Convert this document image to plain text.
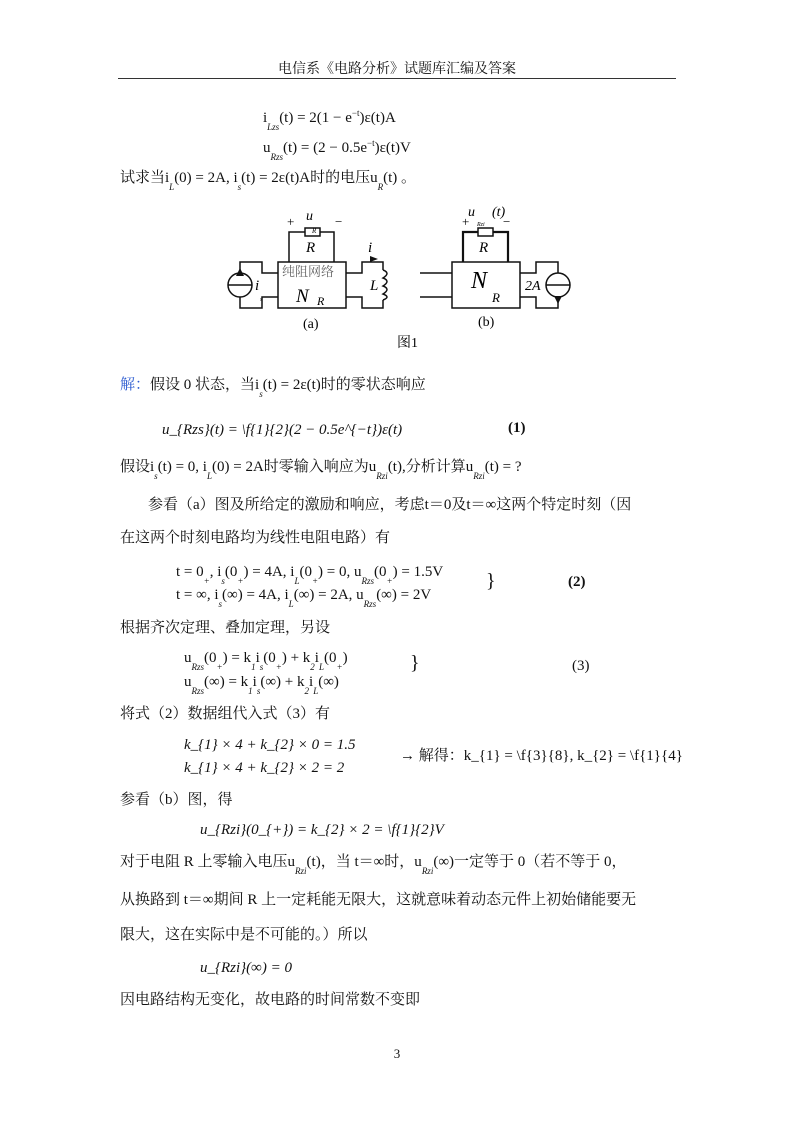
电信系《电路分析》试题库汇编及答案
$i_{Lzs}(t) = 2(1 - e^{-t})\varepsilon(t)A$
$u_{Rzs}(t) = (2 - 0.5e^{-t})\varepsilon(t)V$
试求当$i_L(0) = 2A$, $i_s(t) = 2\varepsilon(t)A$时的电压$u_R(t)$ 。
+	−
u
R
R	i
纯阻网络
N R
i
s
L
(a)
+	−
u
Rzi
(t)
R
N
R
2A
(b)
图1
解：假设 0 状态，当$i_s(t) = 2\varepsilon(t)$时的零状态响应
u_{Rzs}(t) = \f{1}{2}(2 − 0.5e^{−t})ε(t)	(1)
假设$i_s(t) = 0$, $i_L(0) = 2A$时零输入响应为$u_{Rzi}(t)$,分析计算$u_{Rzi}(t)$ = ?
参看（a）图及所给定的激励和响应，考虑t＝0及t＝∞这两个特定时刻（因
在这两个时刻电路均为线性电阻电路）有
$t = 0_+$, $i_s(0_+) = 4A$, $i_L(0_+) = 0$, $u_{Rzs}(0_+) = 1.5V$
t = ∞, $i_s(\infty) = 4A$, $i_L(\infty) = 2A$, $u_{Rzs}(\infty) = 2V$
}	(2)
根据齐次定理、叠加定理，另设
$u_{Rzs}(0_+) = k_1i_s(0_+) + k_2i_L(0_+)$
$u_{Rzs}(\infty) = k_1i_s(\infty) + k_2i_L(\infty)$
}	(3)
将式（2）数据组代入式（3）有
k_{1} × 4 + k_{2} × 0 = 1.5
k_{1} × 4 + k_{2} × 2 = 2
→ 解得：k_{1} = \f{3}{8}, k_{2} = \f{1}{4}
参看（b）图，得
u_{Rzi}(0_{+}) = k_{2} × 2 = \f{1}{2}V
对于电阻 R 上零输入电压$u_{Rzi}(t)$，当 t＝∞时，$u_{Rzi}(\infty)$一定等于 0（若不等于 0，
从换路到 t＝∞期间 R 上一定耗能无限大，这就意味着动态元件上初始储能要无
限大，这在实际中是不可能的。）所以
u_{Rzi}(∞) = 0
因电路结构无变化，故电路的时间常数不变即
3
